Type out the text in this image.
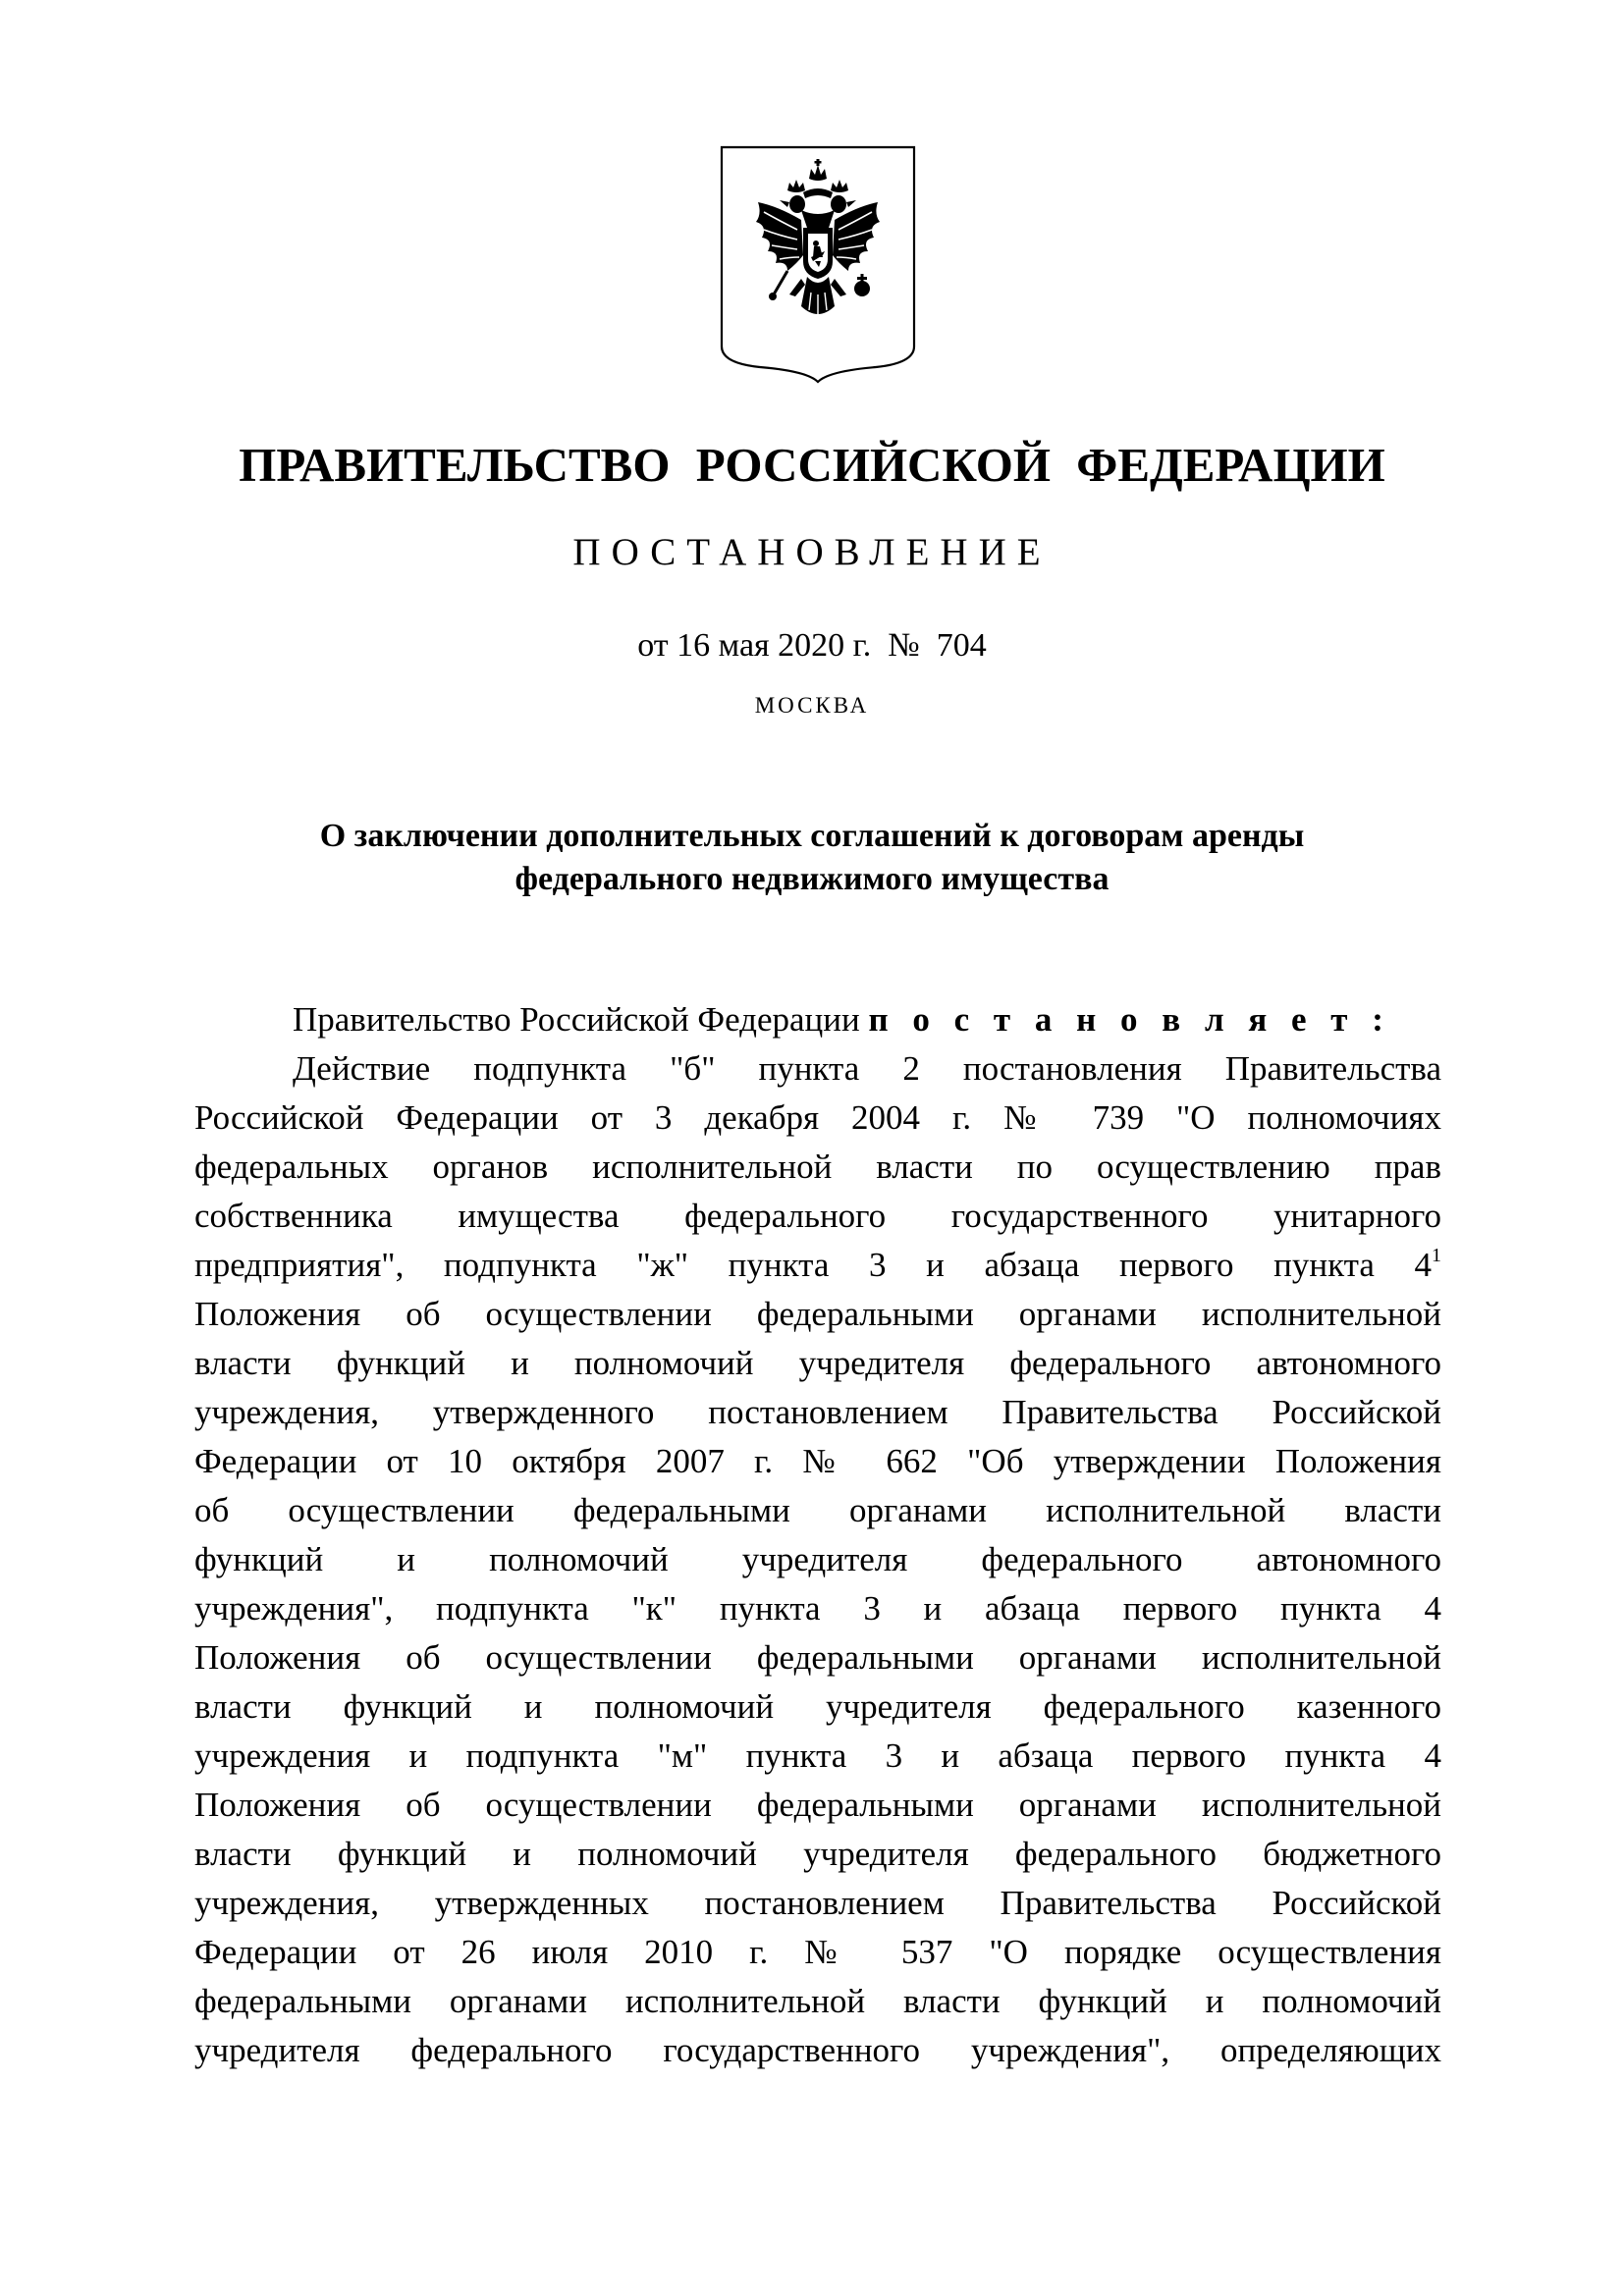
ПРАВИТЕЛЬСТВО РОССИЙСКОЙ ФЕДЕРАЦИИ
ПОСТАНОВЛЕНИЕ
от 16 мая 2020 г.  №  704
МОСКВА
О заключении дополнительных соглашений к договорам аренды
федерального недвижимого имущества

Правительство Российской Федерации п о с т а н о в л я е т :

Действие подпункта "б" пункта 2 постановления Правительства
Российской Федерации от 3 декабря 2004 г. № 739 "О полномочиях
федеральных органов исполнительной власти по осуществлению прав
собственника имущества федерального государственного унитарного
предприятия", подпункта "ж" пункта 3 и абзаца первого пункта $4^1$
Положения об осуществлении федеральными органами исполнительной
власти функций и полномочий учредителя федерального автономного
учреждения, утвержденного постановлением Правительства Российской
Федерации от 10 октября 2007 г. № 662 "Об утверждении Положения
об осуществлении федеральными органами исполнительной власти
функций и полномочий учредителя федерального автономного
учреждения", подпункта "к" пункта 3 и абзаца первого пункта 4
Положения об осуществлении федеральными органами исполнительной
власти функций и полномочий учредителя федерального казенного
учреждения и подпункта "м" пункта 3 и абзаца первого пункта 4
Положения об осуществлении федеральными органами исполнительной
власти функций и полномочий учредителя федерального бюджетного
учреждения, утвержденных постановлением Правительства Российской
Федерации от 26 июля 2010 г. № 537 "О порядке осуществления
федеральными органами исполнительной власти функций и полномочий
учредителя федерального государственного учреждения", определяющих
